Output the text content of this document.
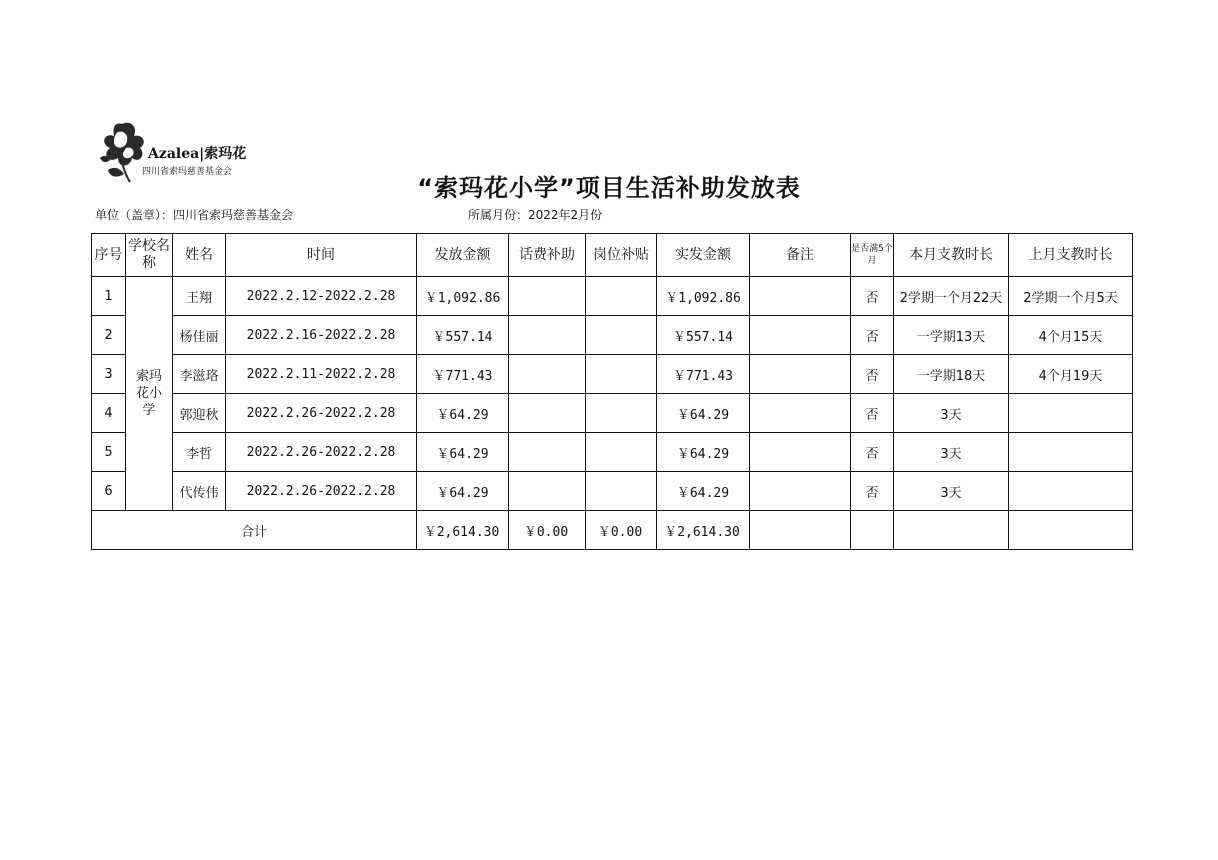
Azalea|索玛花
四川省索玛慈善基金会
“索玛花小学”项目生活补助发放表
单位（盖章）：四川省索玛慈善基金会	所属月份：2022年2月份
序号	学校名称	姓名	时间	发放金额	话费补助	岗位补贴	实发金额	备注	是否满5个月	本月支教时长	上月支教时长
1	索玛花小学	王翔	2022.2.12-2022.2.28	￥1,092.86			￥1,092.86		否	2学期一个月22天	2学期一个月5天
2		杨佳丽	2022.2.16-2022.2.28	￥557.14			￥557.14		否	一学期13天	4个月15天
3		李滋珞	2022.2.11-2022.2.28	￥771.43			￥771.43		否	一学期18天	4个月19天
4		郭迎秋	2022.2.26-2022.2.28	￥64.29			￥64.29		否	3天	
5		李哲	2022.2.26-2022.2.28	￥64.29			￥64.29		否	3天	
6		代传伟	2022.2.26-2022.2.28	￥64.29			￥64.29		否	3天	
合计				￥2,614.30	￥0.00	￥0.00	￥2,614.30				
